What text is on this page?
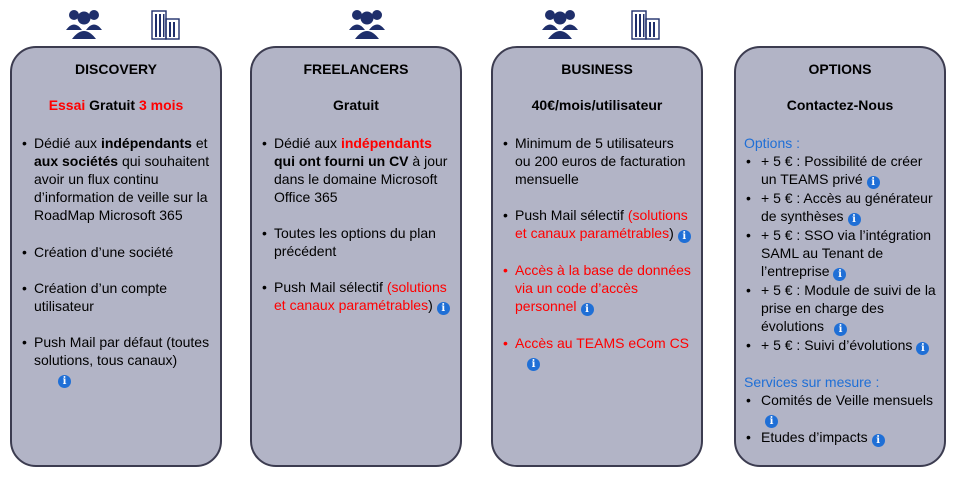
DISCOVERY
Essai Gratuit 3 mois
• Dédié aux indépendants et aux sociétés qui souhaitent avoir un flux continu d’information de veille sur la RoadMap Microsoft 365
• Création d’une société
• Création d’un compte utilisateur
• Push Mail par défaut (toutes solutions, tous canaux)i
FREELANCERS
Gratuit
• Dédié aux indépendants qui ont fourni un CV à jour dans le domaine Microsoft Office 365
• Toutes les options du plan précédent
• Push Mail sélectif (solutions et canaux paramétrables) i
BUSINESS
40€/mois/utilisateur
• Minimum de 5 utilisateurs ou 200 euros de facturation mensuelle
• Push Mail sélectif (solutions et canaux paramétrables) i
• Accès à la base de données via un code d’accès personnel i
• Accès au TEAMS eCom CSi
OPTIONS
Contactez-Nous
Options :
• + 5 € : Possibilité de créer un TEAMS privé i
• + 5 € : Accès au générateur de synthèses i
• + 5 € : SSO via l’intégration SAML au Tenant de l’entreprise i
• + 5 € : Module de suivi de la prise en charge des évolutions i
• + 5 € : Suivi d’évolutions i
Services sur mesure :
• Comités de Veille mensuelsi
• Etudes d’impacts i
